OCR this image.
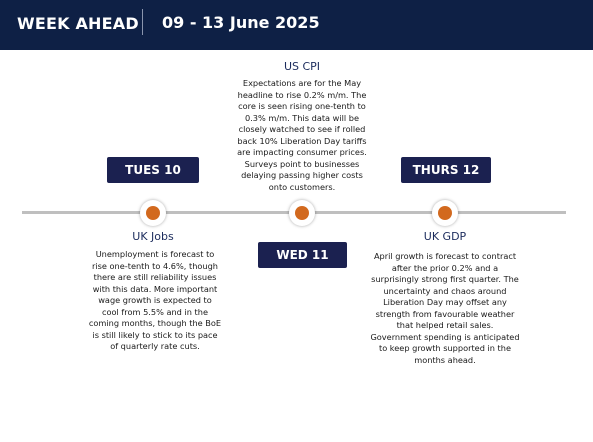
WEEK AHEAD 09 - 13 June 2025
TUES 10
UK Jobs
Unemployment is forecast to
rise one-tenth to 4.6%, though
there are still reliability issues
with this data. More important
wage growth is expected to
cool from 5.5% and in the
coming months, though the BoE
is still likely to stick to its pace
of quarterly rate cuts.
US CPI
Expectations are for the May
headline to rise 0.2% m/m. The
core is seen rising one-tenth to
0.3% m/m. This data will be
closely watched to see if rolled
back 10% Liberation Day tariffs
are impacting consumer prices.
Surveys point to businesses
delaying passing higher costs
onto customers.
WED 11
THURS 12
UK GDP
April growth is forecast to contract
after the prior 0.2% and a
surprisingly strong first quarter. The
uncertainty and chaos around
Liberation Day may offset any
strength from favourable weather
that helped retail sales.
Government spending is anticipated
to keep growth supported in the
months ahead.
